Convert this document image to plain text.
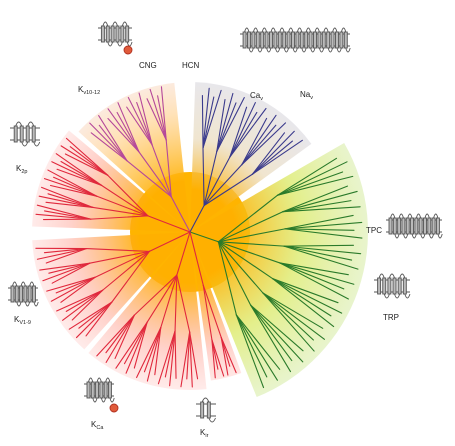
CNG	HCN
$Ca_v$	$Na_v$
$K_{v10-12}$
$K_{2p}$
TPC
TRP
$K_{V1-9}$
$K_{Ca}$	$K_{ir}$
